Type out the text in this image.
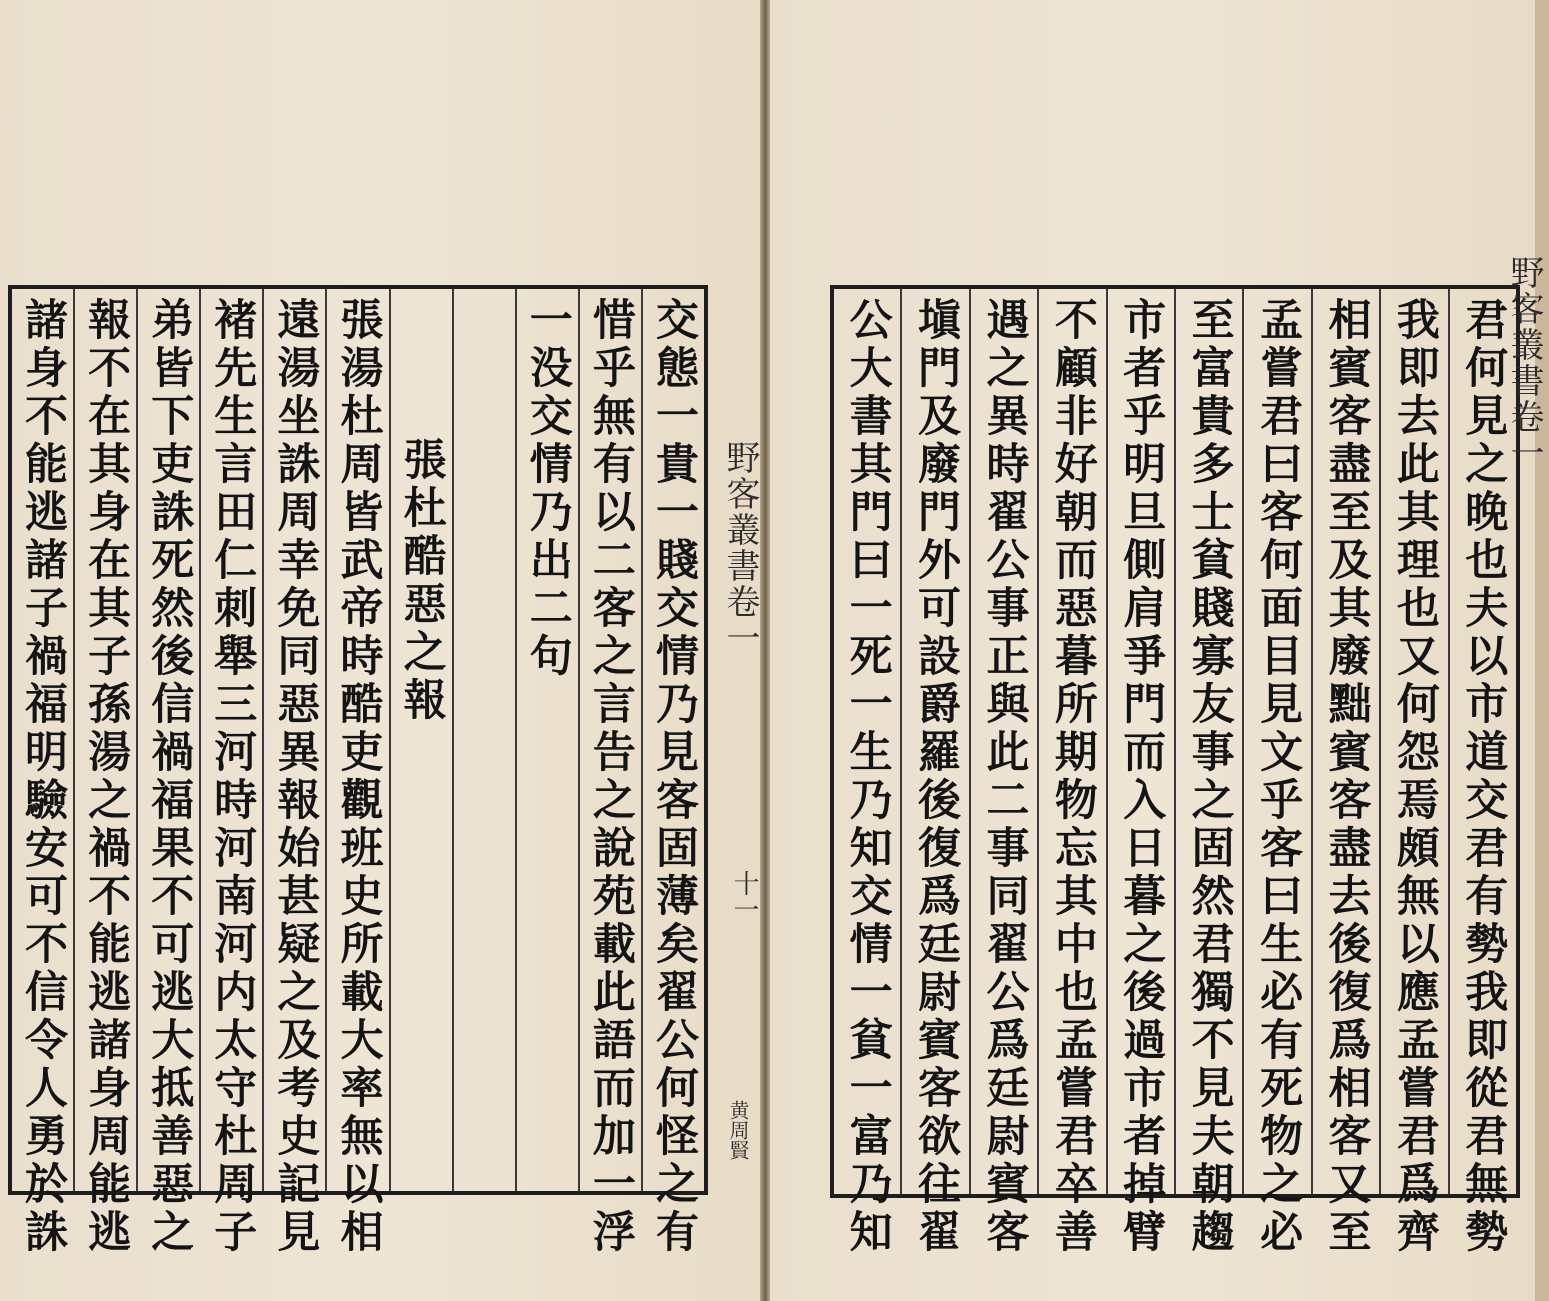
交態一貴一賤交情乃見客固薄矣翟公何怪之有
惜乎無有以二客之言告之說苑載此語而加一浮
一没交情乃出二句
張杜酷惡之報
張湯杜周皆武帝時酷吏觀班史所載大率無以相
遠湯坐誅周幸免同惡異報始甚疑之及考史記見
褚先生言田仁刺舉三河時河南河内太守杜周子
弟皆下吏誅死然後信禍福果不可逃大抵善惡之
報不在其身在其子孫湯之禍不能逃諸身周能逃
諸身不能逃諸子禍福明驗安可不信令人勇於誅	野客叢書卷一
十一
黄周賢	君何見之晚也夫以市道交君有勢我即從君無勢
我即去此其理也又何怨焉頗無以應孟嘗君爲齊
相賓客盡至及其廢黜賓客盡去後復爲相客又至
孟嘗君曰客何面目見文乎客曰生必有死物之必
至富貴多士貧賤寡友事之固然君獨不見夫朝趨
市者乎明旦側肩爭門而入日暮之後過市者掉臂
不顧非好朝而惡暮所期物忘其中也孟嘗君卒善
遇之異時翟公事正與此二事同翟公爲廷尉賓客
塡門及廢門外可設爵羅後復爲廷尉賓客欲往翟
公大書其門曰一死一生乃知交情一貧一富乃知	野客叢書卷一
